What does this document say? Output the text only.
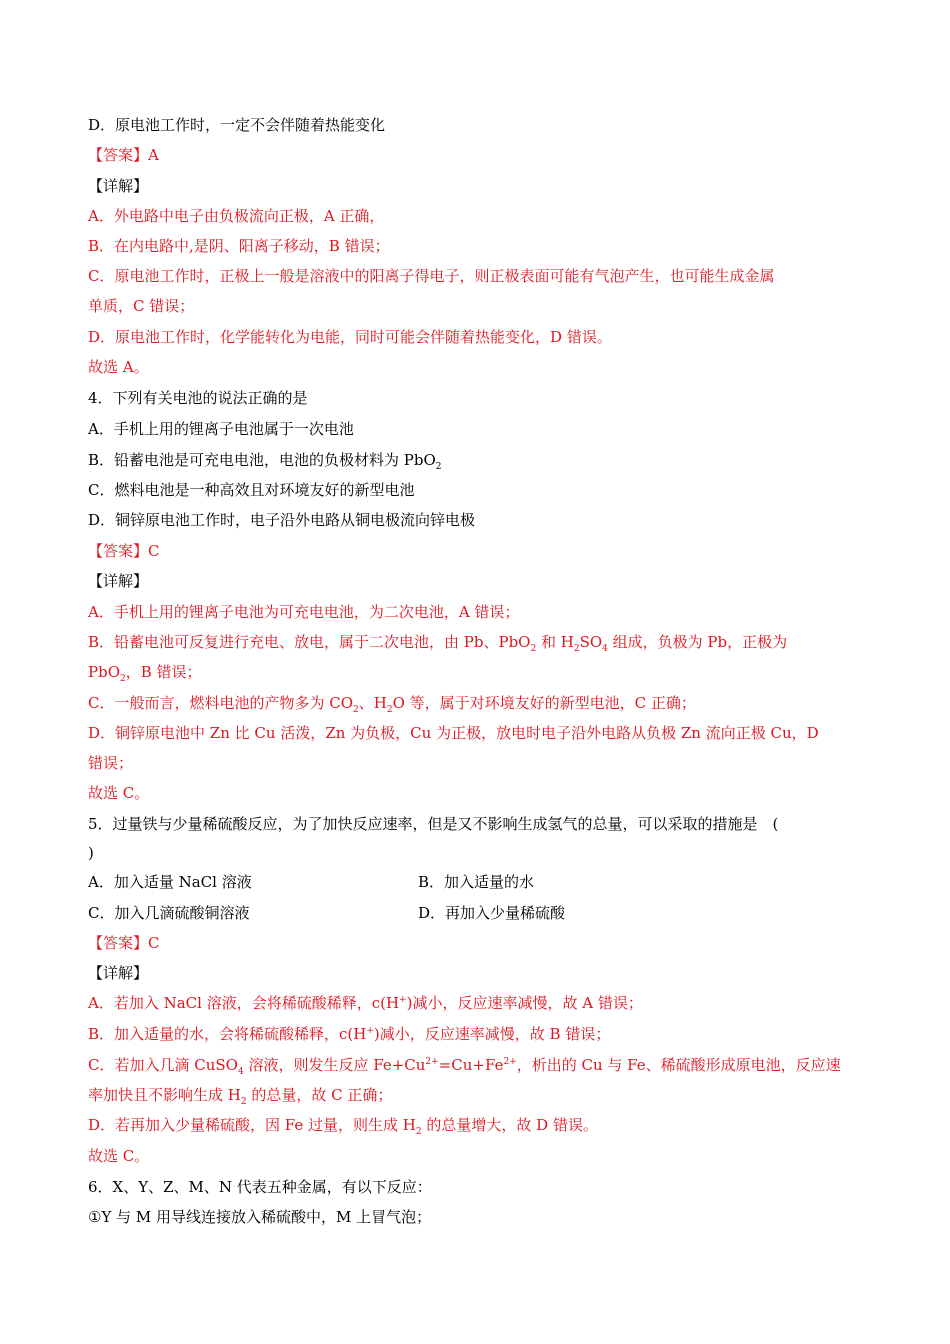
D．原电池工作时，一定不会伴随着热能变化
【答案】A
【详解】
A．外电路中电子由负极流向正极，A 正确，
B．在内电路中,是阴、阳离子移动，B 错误；
C．原电池工作时，正极上一般是溶液中的阳离子得电子，则正极表面可能有气泡产生，也可能生成金属
单质，C 错误；
D．原电池工作时，化学能转化为电能，同时可能会伴随着热能变化，D 错误。
故选 A。
4．下列有关电池的说法正确的是
A．手机上用的锂离子电池属于一次电池
B．铅蓄电池是可充电电池，电池的负极材料为 PbO$_2$
C．燃料电池是一种高效且对环境友好的新型电池
D．铜锌原电池工作时，电子沿外电路从铜电极流向锌电极
【答案】C
【详解】
A．手机上用的锂离子电池为可充电电池，为二次电池，A 错误；
B．铅蓄电池可反复进行充电、放电，属于二次电池，由 Pb、PbO$_2$ 和 $H_2SO_4$ 组成，负极为 Pb，正极为
PbO$_2$，B 错误；
C．一般而言，燃料电池的产物多为 $CO_2$、$H_2O$ 等，属于对环境友好的新型电池，C 正确；
D．铜锌原电池中 Zn 比 Cu 活泼，Zn 为负极，Cu 为正极，放电时电子沿外电路从负极 Zn 流向正极 Cu，D
错误；
故选 C。
5．过量铁与少量稀硫酸反应，为了加快反应速率，但是又不影响生成氢气的总量，可以采取的措施是　(
)
A．加入适量 NaCl 溶液	B．加入适量的水
C．加入几滴硫酸铜溶液	D．再加入少量稀硫酸
【答案】C
【详解】
A．若加入 NaCl 溶液，会将稀硫酸稀释，c(H+)减小，反应速率减慢，故 A 错误；
B．加入适量的水，会将稀硫酸稀释，c(H+)减小，反应速率减慢，故 B 错误；
C．若加入几滴 CuSO$_4$ 溶液，则发生反应 $Fe+Cu^{2+}=Cu+Fe^{2+}$，析出的 Cu 与 Fe、稀硫酸形成原电池，反应速
率加快且不影响生成 $H_2$ 的总量，故 C 正确；
D．若再加入少量稀硫酸，因 Fe 过量，则生成 $H_2$ 的总量增大，故 D 错误。
故选 C。
6．X、Y、Z、M、N 代表五种金属，有以下反应：
①Y 与 M 用导线连接放入稀硫酸中，M 上冒气泡；
